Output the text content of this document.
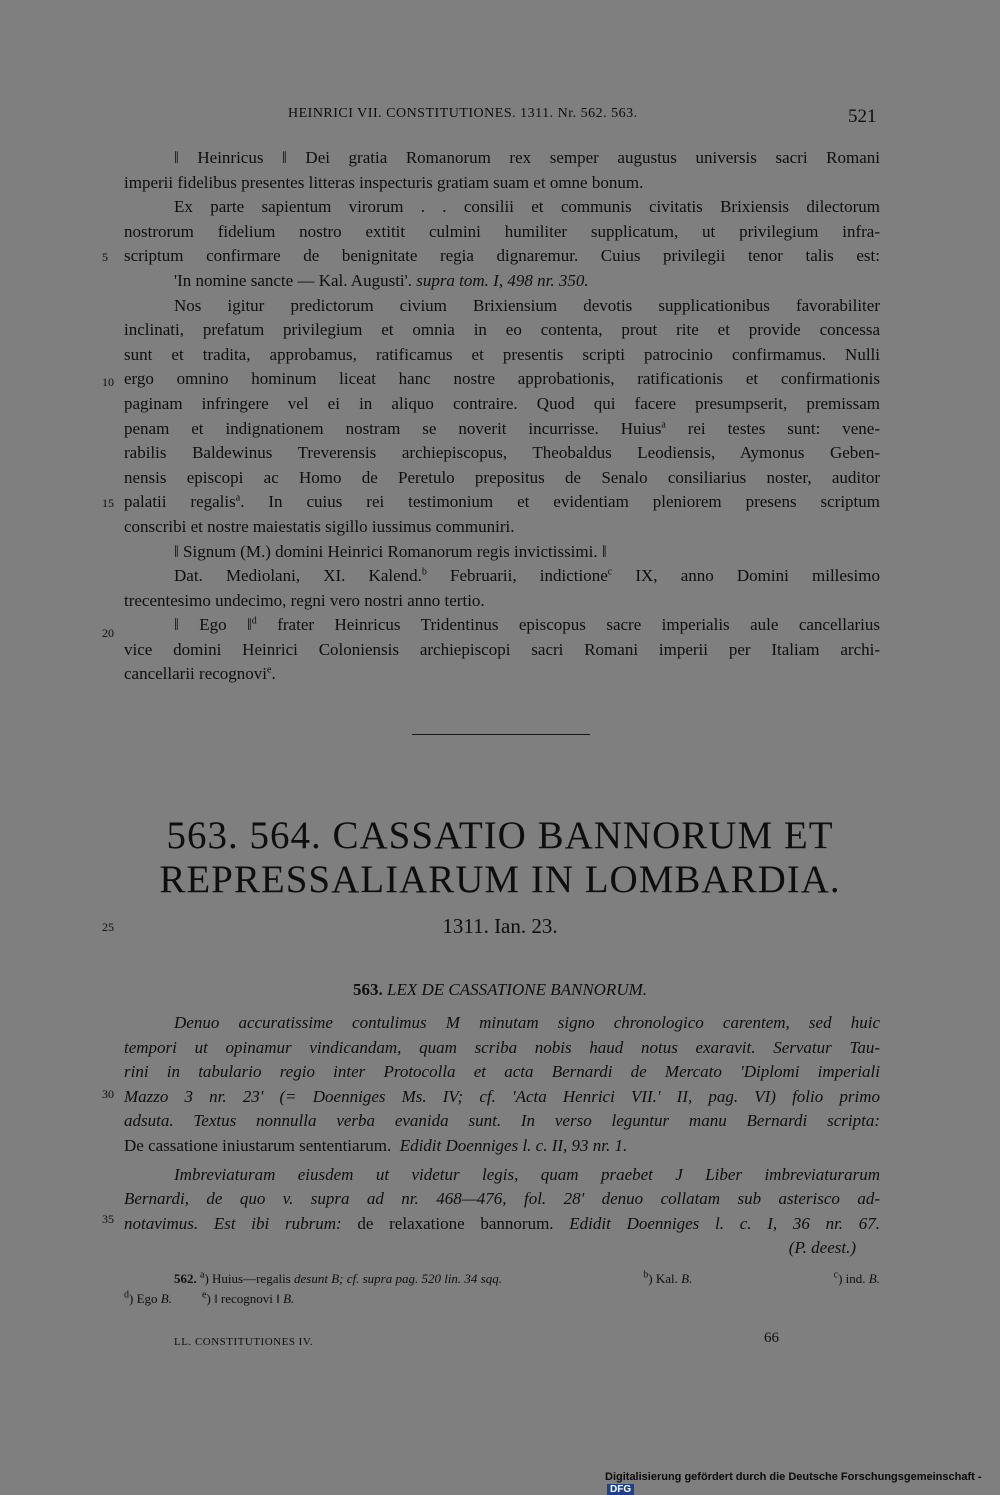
HEINRICI VII. CONSTITUTIONES. 1311. Nr. 562. 563.	521
‖ Heinricus ‖ Dei gratia Romanorum rex semper augustus universis sacri Romani
imperii fidelibus presentes litteras inspecturis gratiam suam et omne bonum.
Ex parte sapientum virorum . . consilii et communis civitatis Brixiensis dilectorum
nostrorum fidelium nostro extitit culmini humiliter supplicatum, ut privilegium infra-
scriptum confirmare de benignitate regia dignaremur. Cuius privilegii tenor talis est:
'In nomine sancte — Kal. Augusti'. supra tom. I, 498 nr. 350.
Nos igitur predictorum civium Brixiensium devotis supplicationibus favorabiliter
inclinati, prefatum privilegium et omnia in eo contenta, prout rite et provide concessa
sunt et tradita, approbamus, ratificamus et presentis scripti patrocinio confirmamus. Nulli
ergo omnino hominum liceat hanc nostre approbationis, ratificationis et confirmationis
paginam infringere vel ei in aliquo contraire. Quod qui facere presumpserit, premissam
penam et indignationem nostram se noverit incurrisse. Huius$^a$ rei testes sunt: vene-
rabilis Baldewinus Treverensis archiepiscopus, Theobaldus Leodiensis, Aymonus Geben-
nensis episcopi ac Homo de Peretulo prepositus de Senalo consiliarius noster, auditor
palatii regalis$^a$. In cuius rei testimonium et evidentiam pleniorem presens scriptum
conscribi et nostre maiestatis sigillo iussimus communiri.
‖ Signum (M.) domini Heinrici Romanorum regis invictissimi. ‖
Dat. Mediolani, XI. Kalend.$^b$ Februarii, indictione$^c$ IX, anno Domini millesimo
trecentesimo undecimo, regni vero nostri anno tertio.
‖ Ego ‖$^d$ frater Heinricus Tridentinus episcopus sacre imperialis aule cancellarius
vice domini Heinrici Coloniensis archiepiscopi sacri Romani imperii per Italiam archi-
cancellarii recognovi$^e$.
5
10
15
20
25
30
35
563. 564. CASSATIO BANNORUM ET
REPRESSALIARUM IN LOMBARDIA.
1311. Ian. 23.
563. LEX DE CASSATIONE BANNORUM.
Denuo accuratissime contulimus M minutam signo chronologico carentem, sed huic
tempori ut opinamur vindicandam, quam scriba nobis haud notus exaravit. Servatur Tau-
rini in tabulario regio inter Protocolla et acta Bernardi de Mercato 'Diplomi imperiali
Mazzo 3 nr. 23' (= Doenniges Ms. IV; cf. 'Acta Henrici VII.' II, pag. VI) folio primo
adsuta. Textus nonnulla verba evanida sunt. In verso leguntur manu Bernardi scripta:
De cassatione iniustarum sententiarum. Edidit Doenniges l. c. II, 93 nr. 1.
Imbreviaturam eiusdem ut videtur legis, quam praebet J Liber imbreviaturarum
Bernardi, de quo v. supra ad nr. 468—476, fol. 28' denuo collatam sub asterisco ad-
notavimus. Est ibi rubrum: de relaxatione bannorum. Edidit Doenniges l. c. I, 36 nr. 67.
(P. deest.)
562. $^a$) Huius—regalis desunt B; cf. supra pag. 520 lin. 34 sqq.	$^b$) Kal. B.	$^c$) ind. B.
$^d$) Ego B.	$^e$) ‖ recognovi ‖ B.
LL. CONSTITUTIONES IV.	66
Digitalisierung gefördert durch die Deutsche Forschungsgemeinschaft -DFG
